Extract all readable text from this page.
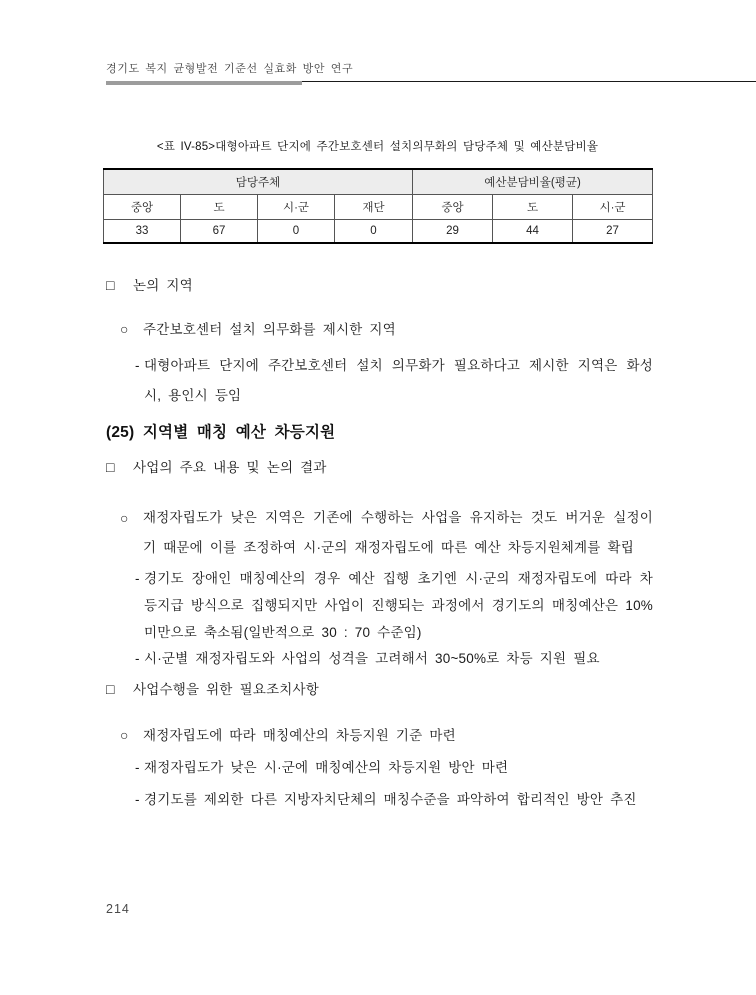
경기도 복지 균형발전 기준선 실효화 방안 연구
<표 IV-85>대형아파트 단지에 주간보호센터 설치의무화의 담당주체 및 예산분담비율
담당주체				예산분담비율(평균)		
중앙	도	시·군	재단	중앙	도	시·군
33	67	0	0	29	44	27
□	논의 지역
○	주간보호센터 설치 의무화를 제시한 지역
- 대형아파트 단지에 주간보호센터 설치 의무화가 필요하다고 제시한 지역은 화성시, 용인시 등임
(25) 지역별 매칭 예산 차등지원
□	사업의 주요 내용 및 논의 결과
○	재정자립도가 낮은 지역은 기존에 수행하는 사업을 유지하는 것도 버거운 실정이기 때문에 이를 조정하여 시·군의 재정자립도에 따른 예산 차등지원체계를 확립
- 경기도 장애인 매칭예산의 경우 예산 집행 초기엔 시·군의 재정자립도에 따라 차등지급 방식으로 집행되지만 사업이 진행되는 과정에서 경기도의 매칭예산은 10%미만으로 축소됨(일반적으로 30 : 70 수준임)
- 시·군별 재정자립도와 사업의 성격을 고려해서 30~50%로 차등 지원 필요
□	사업수행을 위한 필요조치사항
○	재정자립도에 따라 매칭예산의 차등지원 기준 마련
- 재정자립도가 낮은 시·군에 매칭예산의 차등지원 방안 마련
- 경기도를 제외한 다른 지방자치단체의 매칭수준을 파악하여 합리적인 방안 추진
214
